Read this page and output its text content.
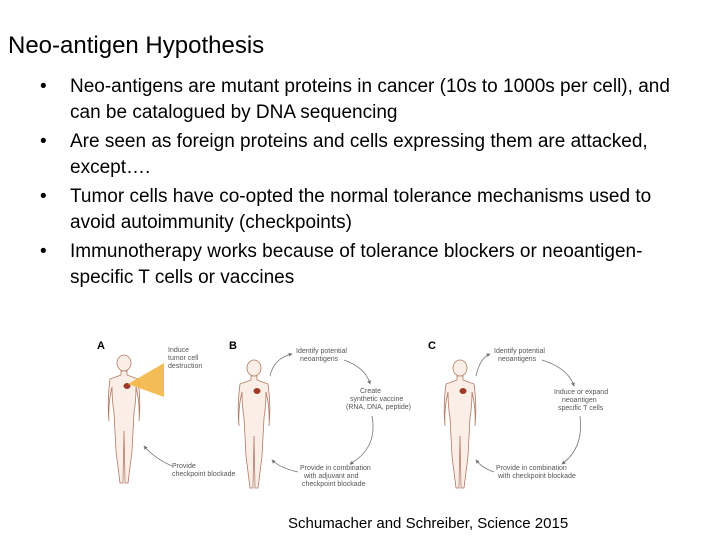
Neo-antigen Hypothesis
• Neo-antigens are mutant proteins in cancer (10s to 1000s per cell), and can be catalogued by DNA sequencing
• Are seen as foreign proteins and cells expressing them are attacked, except….
• Tumor cells have co-opted the normal tolerance mechanisms used to avoid autoimmunity (checkpoints)
• Immunotherapy works because of tolerance blockers or neoantigen-specific T cells or vaccines
A	Induce tumor cell destruction
Provide checkpoint blockade
B	Identify potential neoantigens
Create synthetic vaccine (RNA, DNA, peptide)
Provide in combination with adjuvant and checkpoint blockade
C	Identify potential neoantigens
Induce or expand neoantigen specific T cells
Provide in combination with checkpoint blockade

Schumacher and Schreiber, Science 2015
